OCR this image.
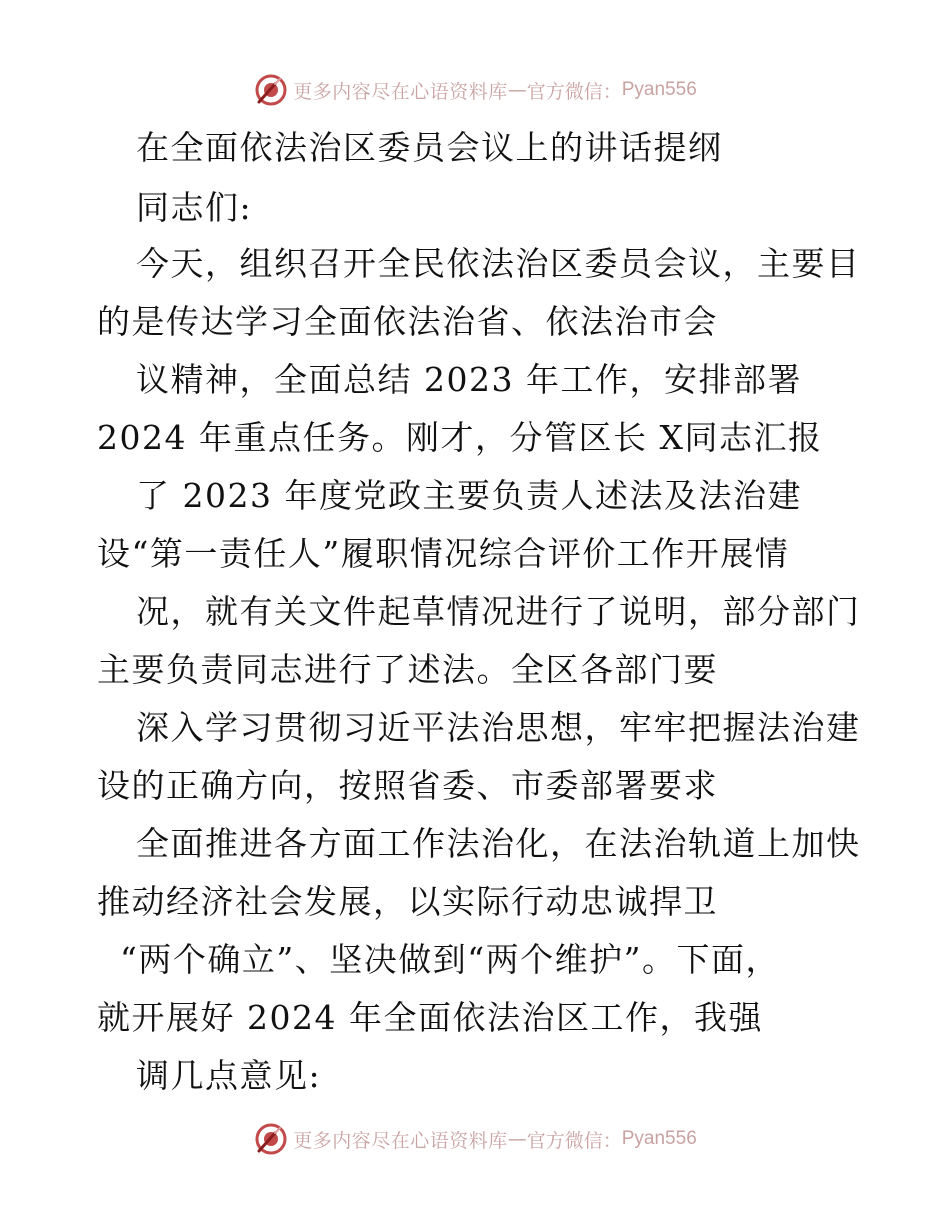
更多内容尽在心语资料库 — 官方微信： Pyan556
在全面依法治区委员会议上的讲话提纲
同志们:
今天，组织召开全民依法治区委员会议，主要目
的是传达学习全面依法治省、依法治市会
议精神，全面总结 2023 年工作，安排部署
2024 年重点任务。刚才，分管区长 X同志汇报
了 2023 年度党政主要负责人述法及法治建
设“第一责任人”履职情况综合评价工作开展情
况，就有关文件起草情况进行了说明，部分部门
主要负责同志进行了述法。全区各部门要
深入学习贯彻习近平法治思想，牢牢把握法治建
设的正确方向，按照省委、市委部署要求
全面推进各方面工作法治化，在法治轨道上加快
推动经济社会发展，以实际行动忠诚捍卫
“两个确立”、坚决做到“两个维护”。下面，
就开展好 2024 年全面依法治区工作，我强
调几点意见:
更多内容尽在心语资料库 — 官方微信： Pyan556
